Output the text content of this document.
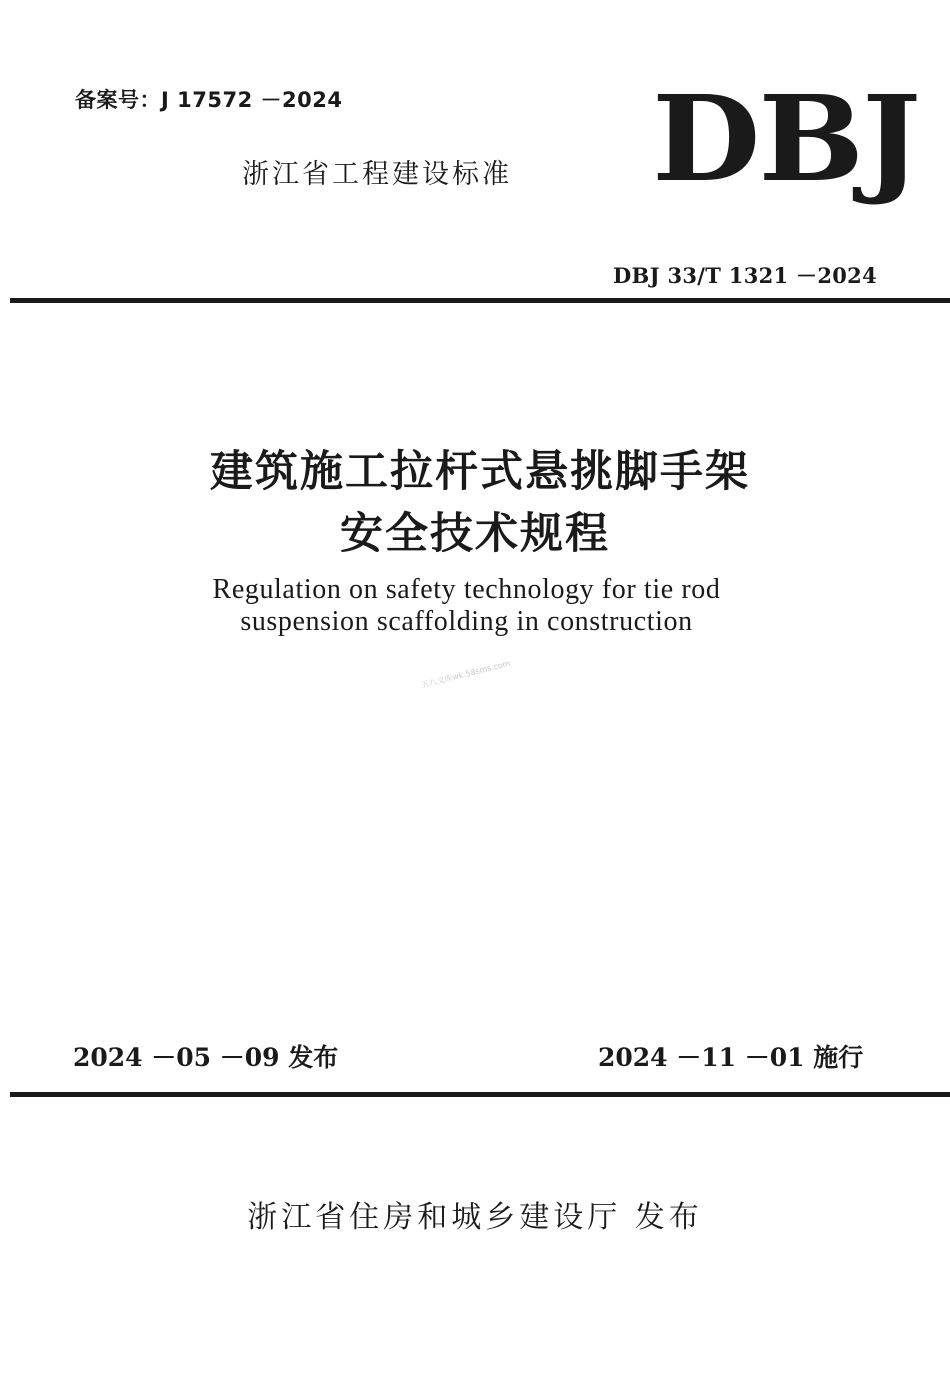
备案号：J 17572 －2024
浙江省工程建设标准 DBJ
DBJ 33/T 1321 －2024
建筑施工拉杆式悬挑脚手架
安全技术规程
Regulation on safety technology for tie rod
suspension scaffolding in construction
五八文库wk.58sms.com
2024 －05 －09 发布	2024 －11 －01 施行
浙江省住房和城乡建设厅 发布
